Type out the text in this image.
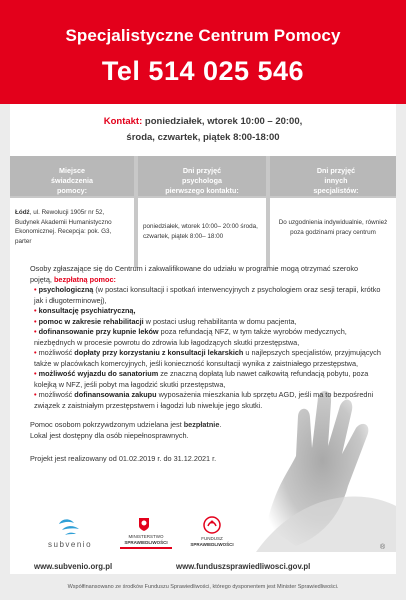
Specjalistyczne Centrum Pomocy
Tel 514 025 546
Kontakt: poniedziałek, wtorek 10:00 – 20:00,
środa, czwartek, piątek 8:00-18:00
Miejsce świadczenia pomocy:
Dni przyjęć psychologa pierwszego kontaktu:
Dni przyjęć innych specjalistów:
Łódź, ul. Rewolucji 1905r nr 52, Budynek Akademii Humanistyczno Ekonomicznej. Recepcja: pok. G3, parter
poniedziałek, wtorek 10:00– 20:00 środa, czwartek, piątek 8:00– 18:00
Do uzgodnienia indywidualnie, również poza godzinami pracy centrum
Osoby zgłaszające się do Centrum i zakwalifikowane do udziału w programie mogą otrzymać szeroko pojętą, bezpłatną pomoc:
• psychologiczną (w postaci konsultacji i spotkań interwencyjnych z psychologiem oraz sesji terapii, krótko jak i długoterminowej),
• konsultację psychiatryczną,
• pomoc w zakresie rehabilitacji w postaci usług rehabilitanta w domu pacjenta,
• dofinansowanie przy kupnie leków poza refundacją NFZ, w tym także wyrobów medycznych, niezbędnych w procesie powrotu do zdrowia lub łagodzących skutki przestępstwa,
• możliwość dopłaty przy korzystaniu z konsultacji lekarskich u najlepszych specjalistów, przyjmujących także w placówkach komercyjnych, jeśli konieczność konsultacji wynika z zaistniałego przestępstwa,
• możliwość wyjazdu do sanatorium ze znaczną dopłatą lub nawet całkowitą refundacją pobytu, poza kolejką w NFZ, jeśli pobyt ma łagodzić skutki przestępstwa,
• możliwość dofinansowania zakupu wyposażenia mieszkania lub sprzętu AGD, jeśli ma to bezpośredni związek z zaistniałym przestępstwem i łagodzi lub niweluje jego skutki.
Pomoc osobom pokrzywdzonym udzielana jest bezpłatnie.
Lokal jest dostępny dla osób niepełnosprawnych.
Projekt jest realizowany od 01.02.2019 r. do 31.12.2021 r.
subvenio
www.subvenio.org.pl
MINISTERSTWO
SPRAWIEDLIWOŚCI
FUNDUSZ
SPRAWIEDLIWOŚCI
www.funduszsprawiedliwosci.gov.pl
®
Współfinansowano ze środków Funduszu Sprawiedliwości, którego dysponentem jest Minister Sprawiedliwości.
